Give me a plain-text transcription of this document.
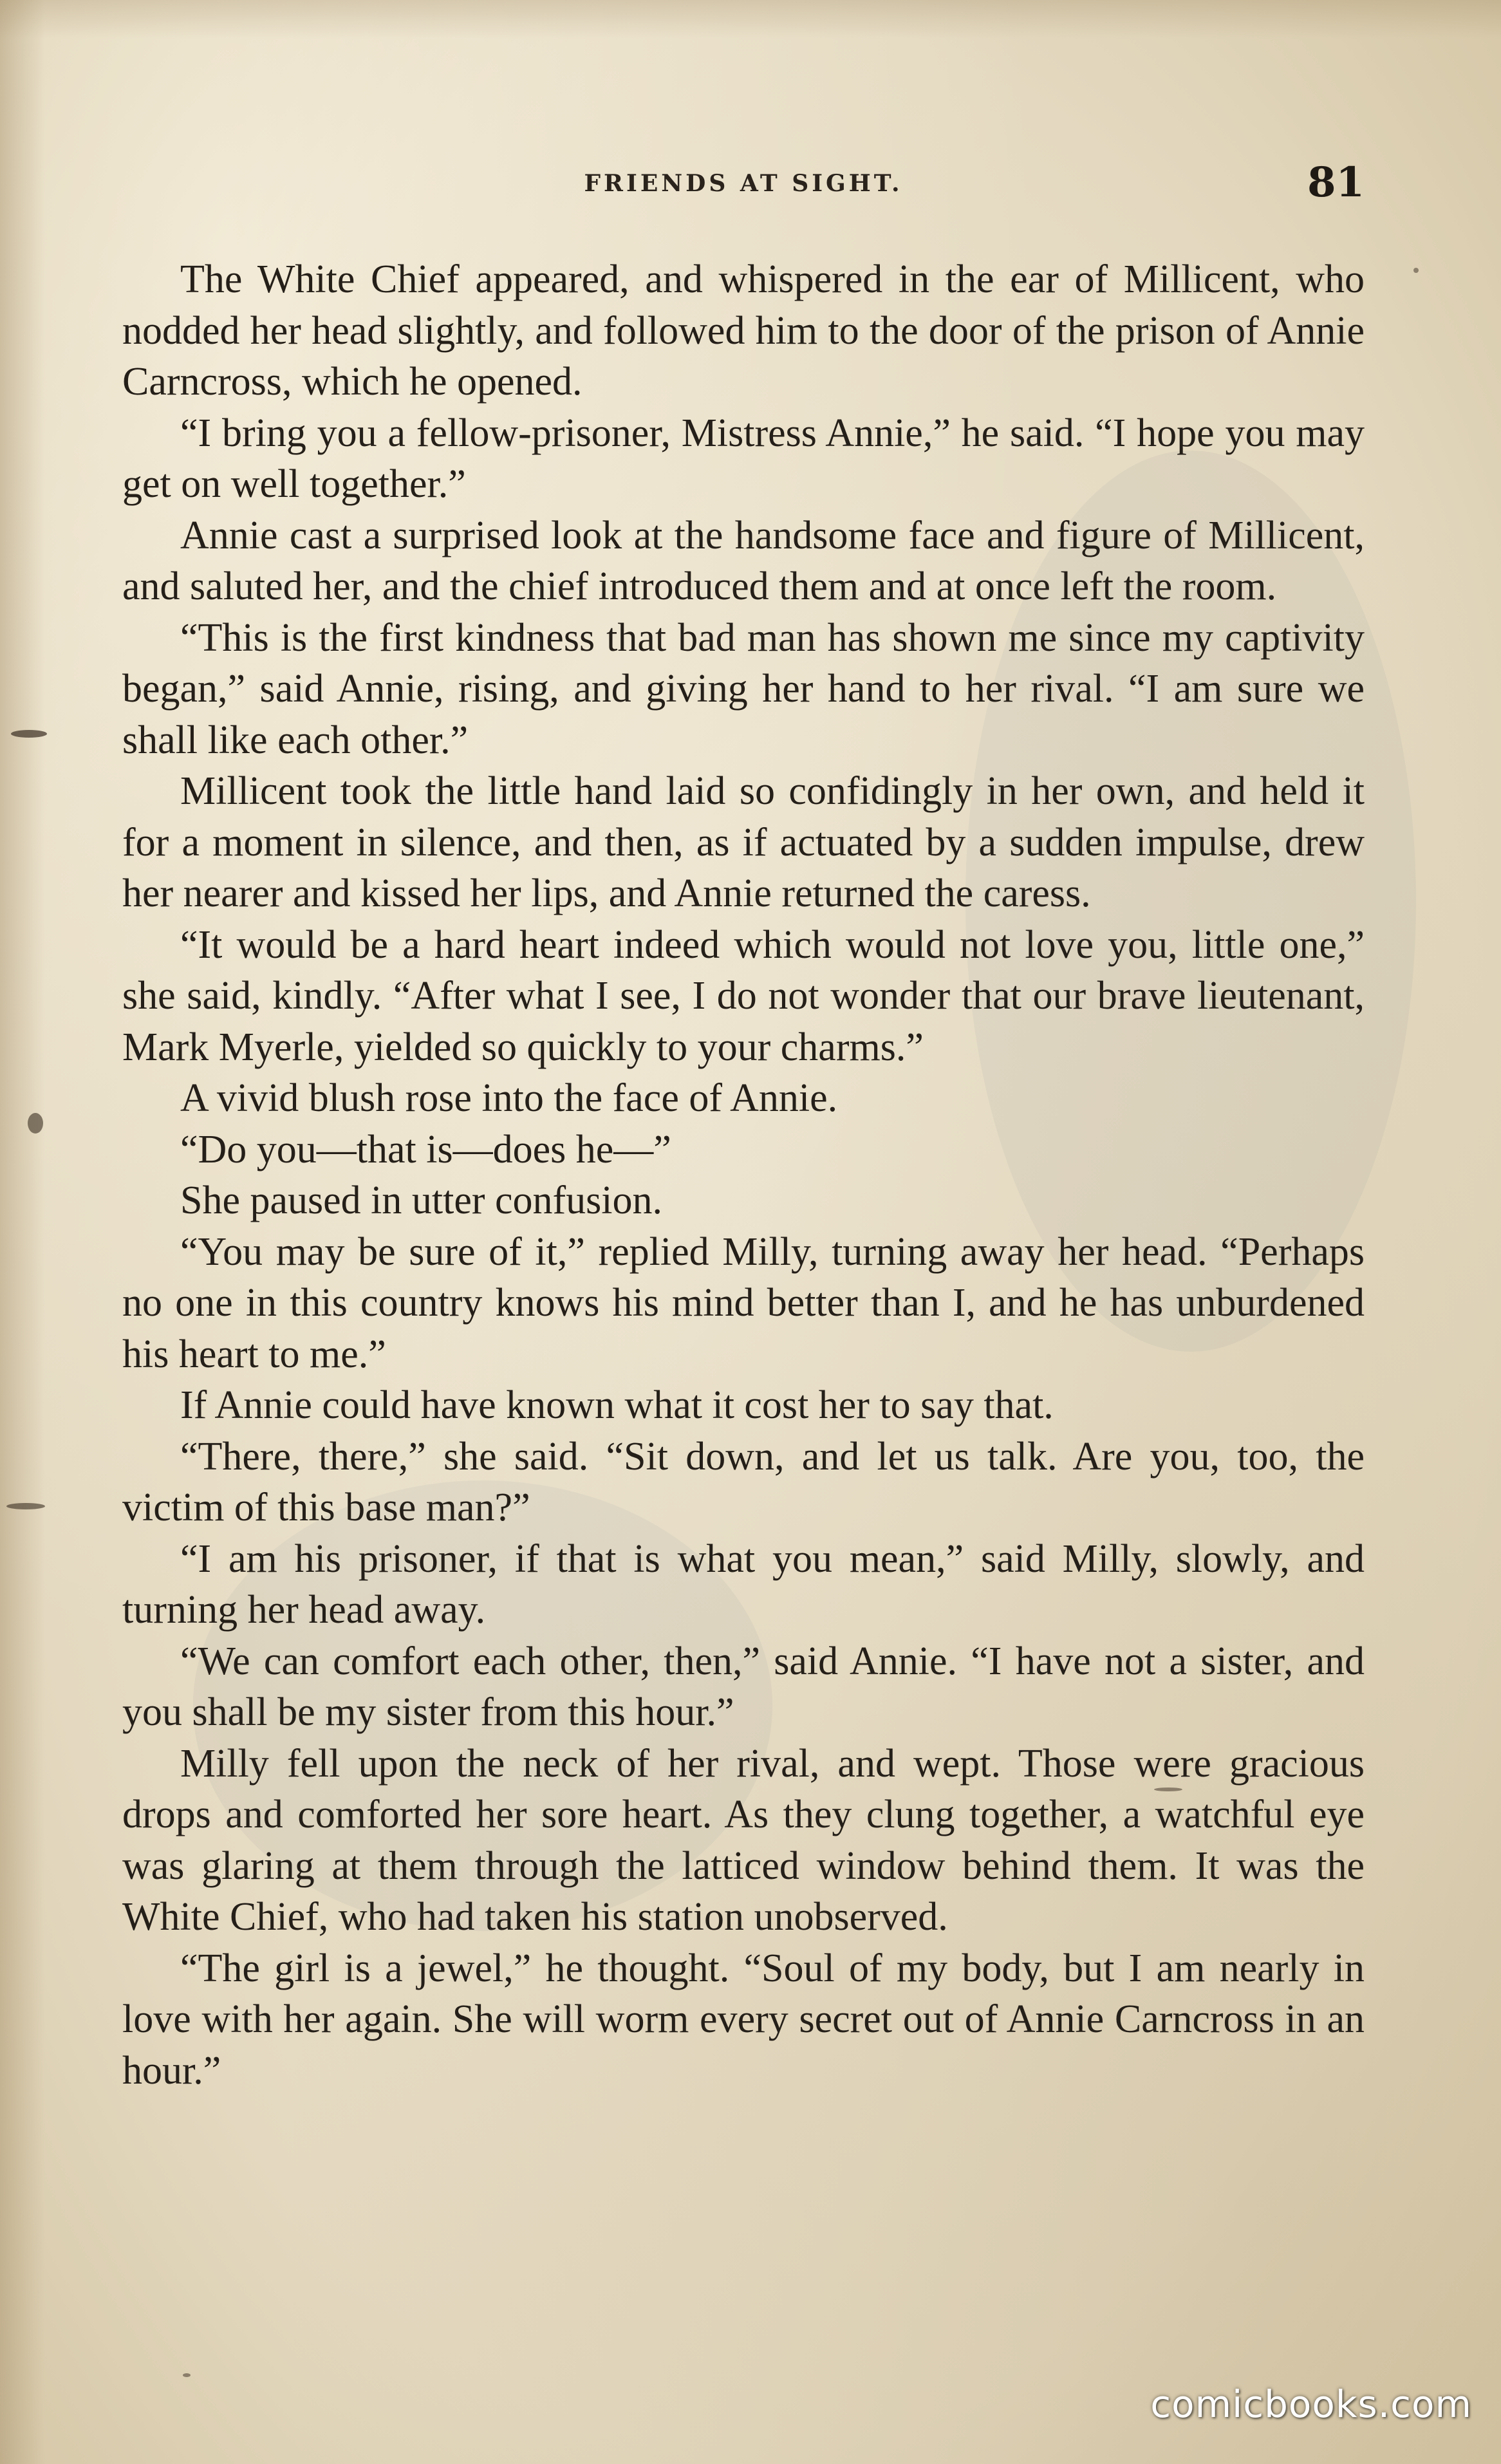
FRIENDS AT SIGHT.	81

The White Chief appeared, and whispered in the ear of Millicent, who nodded her head slightly, and followed him to the door of the prison of Annie Carncross, which he opened.

“I bring you a fellow-prisoner, Mistress Annie,” he said. “I hope you may get on well together.”

Annie cast a surprised look at the handsome face and figure of Millicent, and saluted her, and the chief introduced them and at once left the room.

“This is the first kindness that bad man has shown me since my captivity began,” said Annie, rising, and giving her hand to her rival. “I am sure we shall like each other.”

Millicent took the little hand laid so confidingly in her own, and held it for a moment in silence, and then, as if actuated by a sudden impulse, drew her nearer and kissed her lips, and Annie returned the caress.

“It would be a hard heart indeed which would not love you, little one,” she said, kindly. “After what I see, I do not wonder that our brave lieutenant, Mark Myerle, yielded so quickly to your charms.”

A vivid blush rose into the face of Annie.

“Do you—that is—does he—”

She paused in utter confusion.

“You may be sure of it,” replied Milly, turning away her head. “Perhaps no one in this country knows his mind better than I, and he has unburdened his heart to me.”

If Annie could have known what it cost her to say that.

“There, there,” she said. “Sit down, and let us talk. Are you, too, the victim of this base man?”

“I am his prisoner, if that is what you mean,” said Milly, slowly, and turning her head away.

“We can comfort each other, then,” said Annie. “I have not a sister, and you shall be my sister from this hour.”

Milly fell upon the neck of her rival, and wept. Those were gracious drops and comforted her sore heart. As they clung together, a watchful eye was glaring at them through the latticed window behind them. It was the White Chief, who had taken his station unobserved.

“The girl is a jewel,” he thought. “Soul of my body, but I am nearly in love with her again. She will worm every secret out of Annie Carncross in an hour.”

comicbooks.com
